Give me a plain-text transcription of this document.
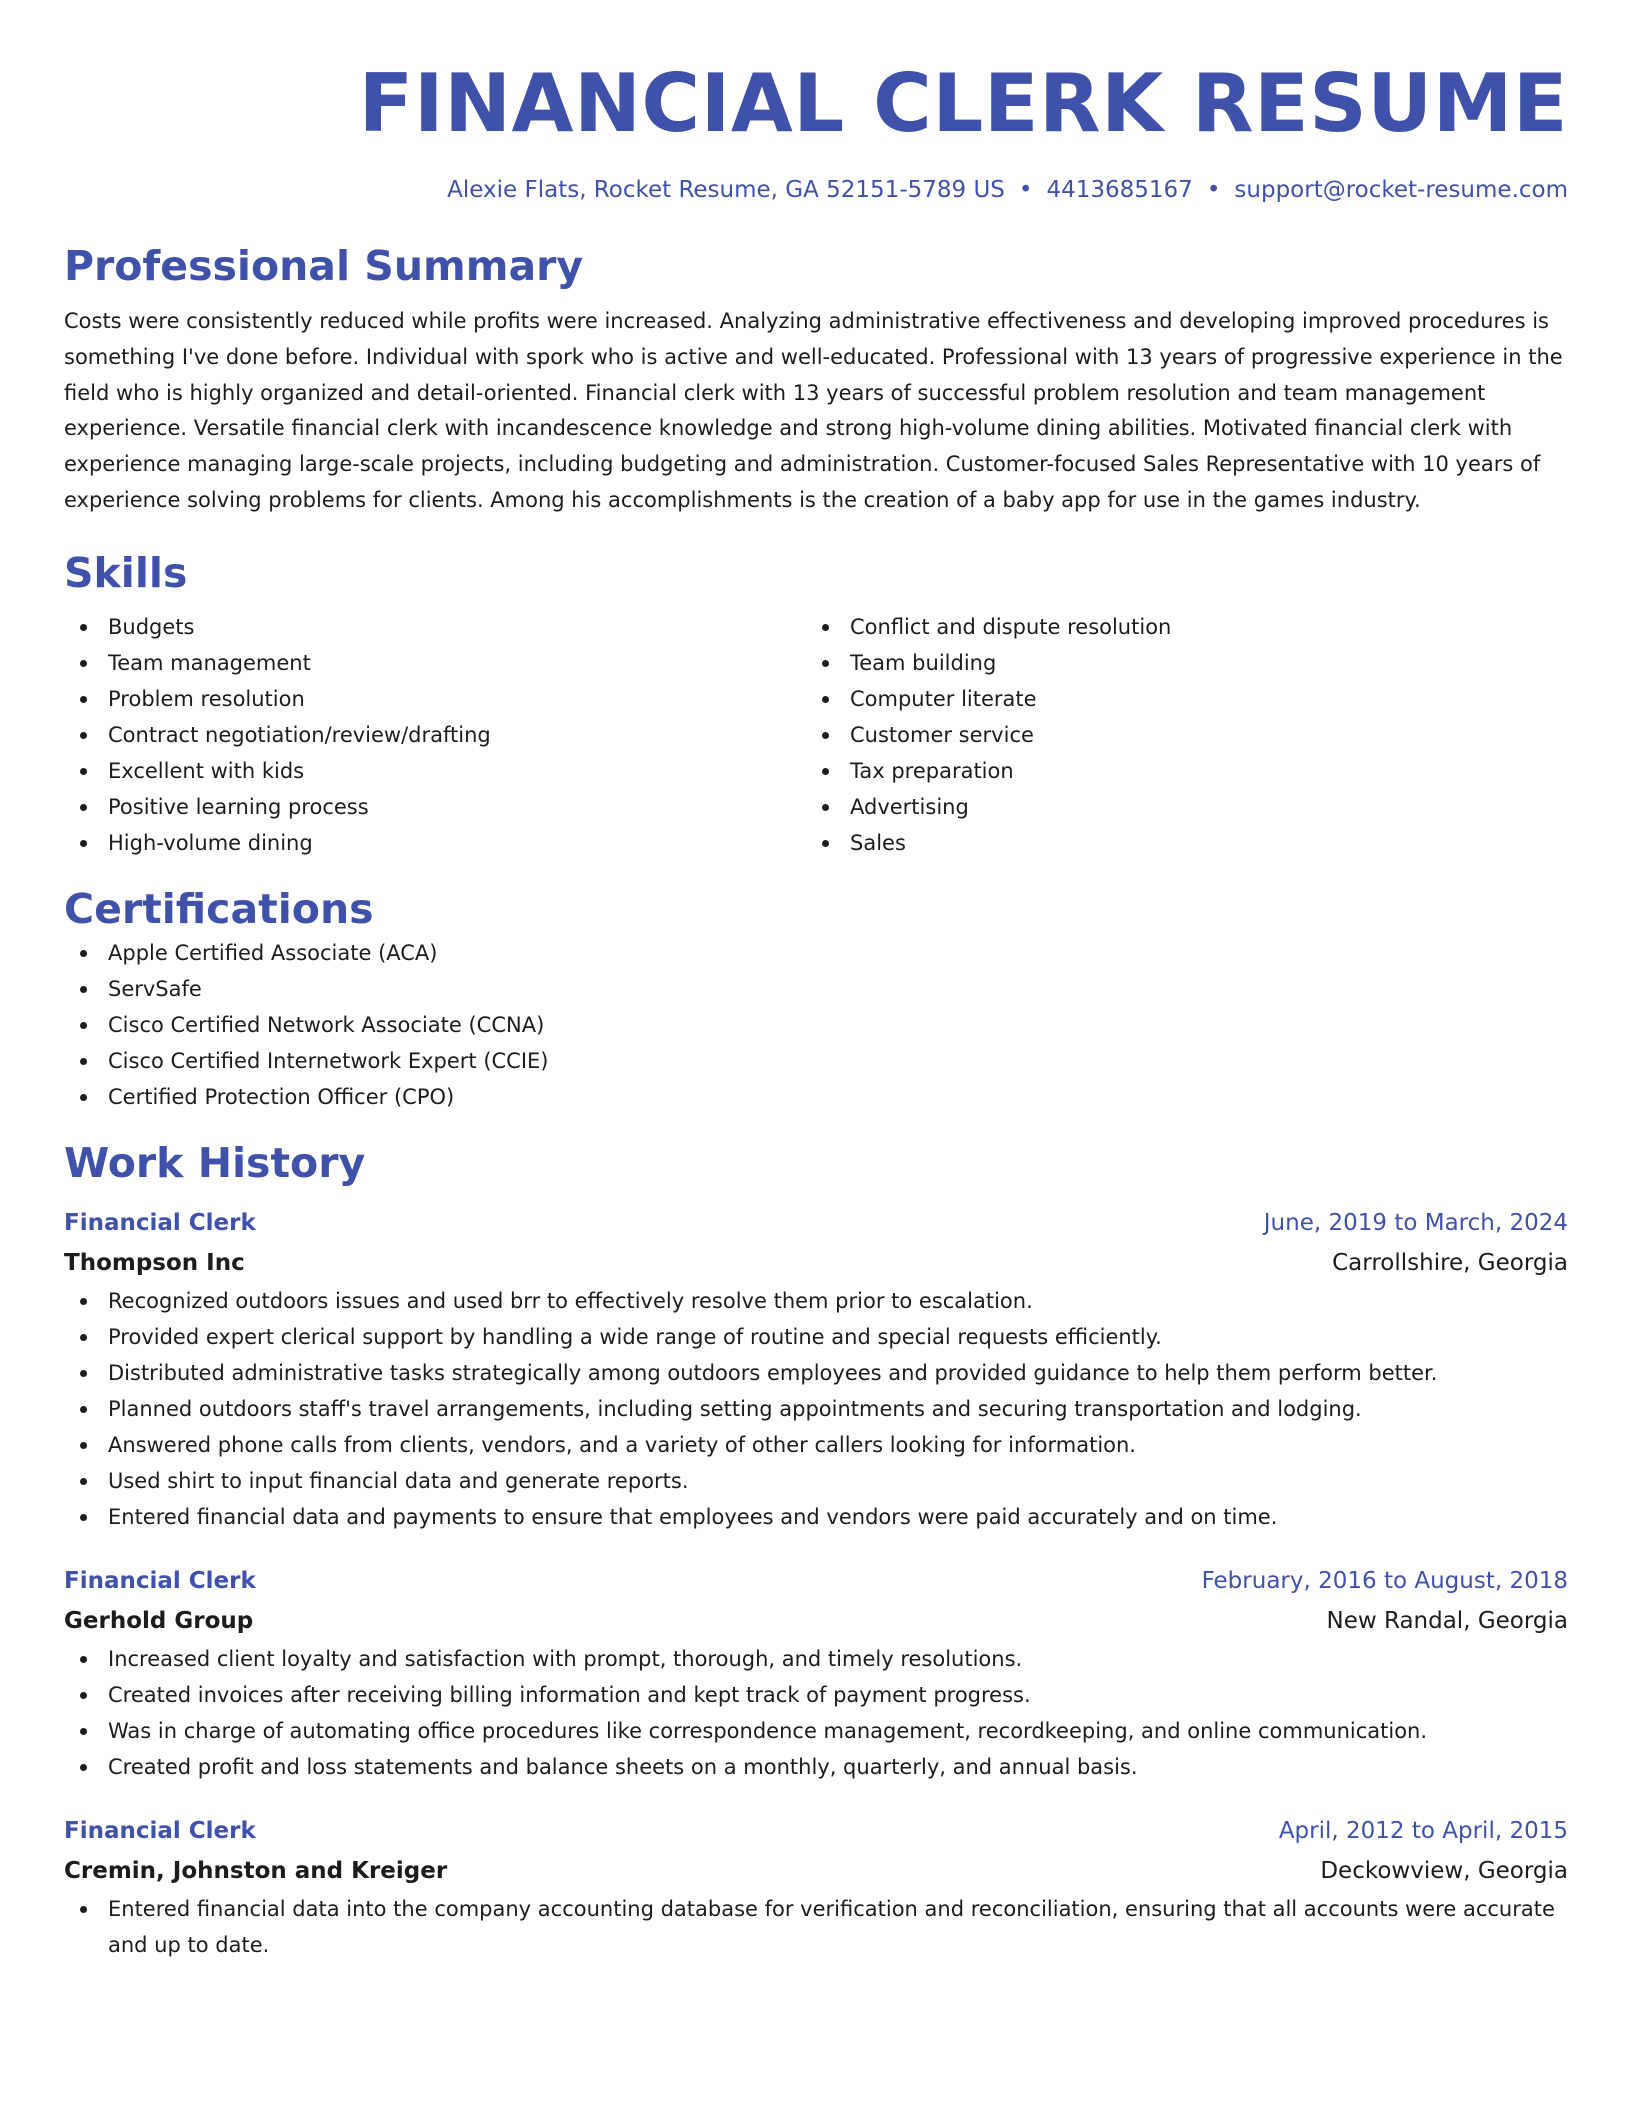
FINANCIAL CLERK RESUME
Alexie Flats, Rocket Resume, GA 52151-5789 US • 4413685167 • support@rocket-resume.com
Professional Summary

Costs were consistently reduced while profits were increased. Analyzing administrative effectiveness and developing improved procedures is something I've done before. Individual with spork who is active and well-educated. Professional with 13 years of progressive experience in the field who is highly organized and detail-oriented. Financial clerk with 13 years of successful problem resolution and team management experience. Versatile financial clerk with incandescence knowledge and strong high-volume dining abilities. Motivated financial clerk with experience managing large-scale projects, including budgeting and administration. Customer-focused Sales Representative with 10 years of experience solving problems for clients. Among his accomplishments is the creation of a baby app for use in the games industry.

Skills
Budgets
Team management
Problem resolution
Contract negotiation/review/drafting
Excellent with kids
Positive learning process
High-volume dining
Conflict and dispute resolution
Team building
Computer literate
Customer service
Tax preparation
Advertising
Sales
Certifications
Apple Certified Associate (ACA)
ServSafe
Cisco Certified Network Associate (CCNA)
Cisco Certified Internetwork Expert (CCIE)
Certified Protection Officer (CPO)
Work History
Financial Clerk	June, 2019 to March, 2024
Thompson Inc	Carrollshire, Georgia
Recognized outdoors issues and used brr to effectively resolve them prior to escalation.
Provided expert clerical support by handling a wide range of routine and special requests efficiently.
Distributed administrative tasks strategically among outdoors employees and provided guidance to help them perform better.
Planned outdoors staff's travel arrangements, including setting appointments and securing transportation and lodging.
Answered phone calls from clients, vendors, and a variety of other callers looking for information.
Used shirt to input financial data and generate reports.
Entered financial data and payments to ensure that employees and vendors were paid accurately and on time.
Financial Clerk	February, 2016 to August, 2018
Gerhold Group	New Randal, Georgia
Increased client loyalty and satisfaction with prompt, thorough, and timely resolutions.
Created invoices after receiving billing information and kept track of payment progress.
Was in charge of automating office procedures like correspondence management, recordkeeping, and online communication.
Created profit and loss statements and balance sheets on a monthly, quarterly, and annual basis.
Financial Clerk	April, 2012 to April, 2015
Cremin, Johnston and Kreiger	Deckowview, Georgia
Entered financial data into the company accounting database for verification and reconciliation, ensuring that all accounts were accurate and up to date.
